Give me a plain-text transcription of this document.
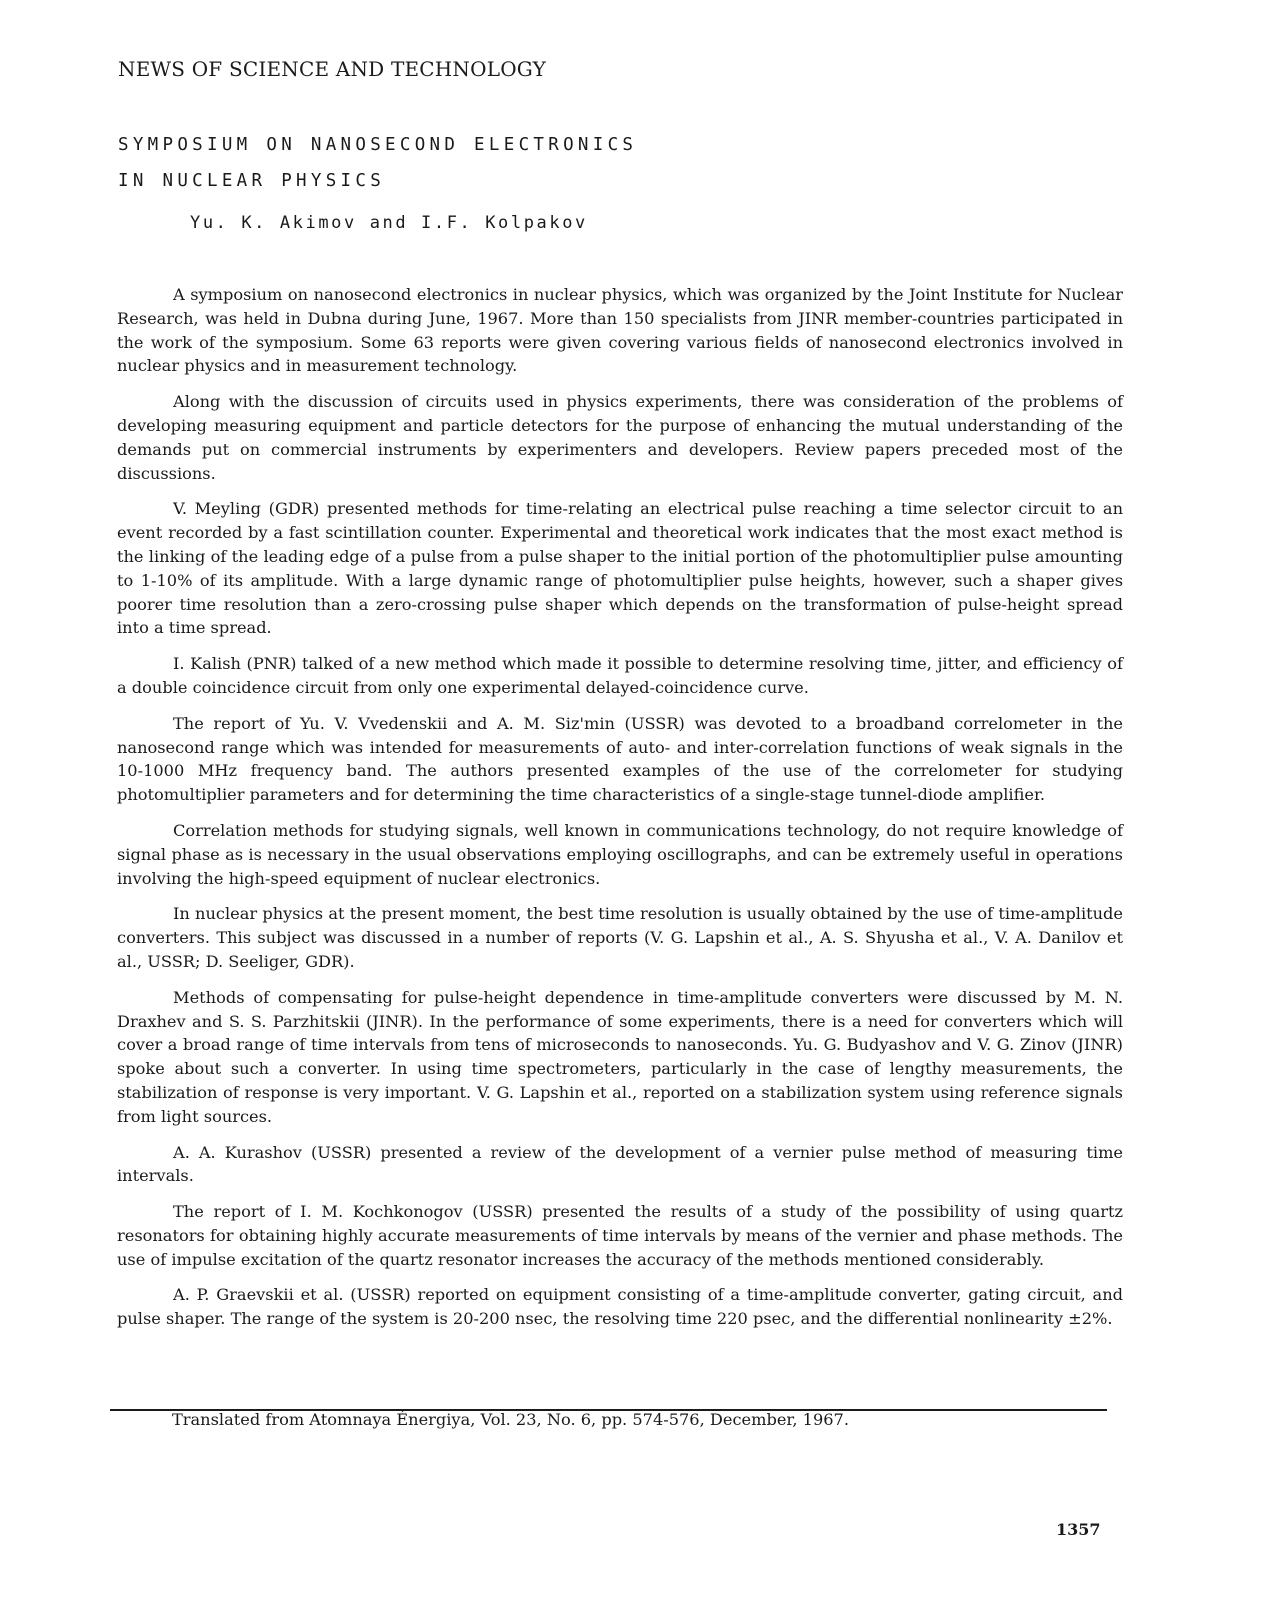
NEWS OF SCIENCE AND TECHNOLOGY
SYMPOSIUM ON NANOSECOND ELECTRONICS
IN NUCLEAR PHYSICS
Yu. K. Akimov and I.F. Kolpakov

A symposium on nanosecond electronics in nuclear physics, which was organized by the Joint Institute for Nuclear Research, was held in Dubna during June, 1967. More than 150 specialists from JINR member-countries participated in the work of the symposium. Some 63 reports were given covering various fields of nanosecond electronics involved in nuclear physics and in measurement technology.

Along with the discussion of circuits used in physics experiments, there was consideration of the problems of developing measuring equipment and particle detectors for the purpose of enhancing the mutual understanding of the demands put on commercial instruments by experimenters and developers. Review papers preceded most of the discussions.

V. Meyling (GDR) presented methods for time-relating an electrical pulse reaching a time selector circuit to an event recorded by a fast scintillation counter. Experimental and theoretical work indicates that the most exact method is the linking of the leading edge of a pulse from a pulse shaper to the initial portion of the photomultiplier pulse amounting to 1-10% of its amplitude. With a large dynamic range of photomultiplier pulse heights, however, such a shaper gives poorer time resolution than a zero-crossing pulse shaper which depends on the transformation of pulse-height spread into a time spread.

I. Kalish (PNR) talked of a new method which made it possible to determine resolving time, jitter, and efficiency of a double coincidence circuit from only one experimental delayed-coincidence curve.

The report of Yu. V. Vvedenskii and A. M. Siz'min (USSR) was devoted to a broadband correlometer in the nanosecond range which was intended for measurements of auto- and inter-correlation functions of weak signals in the 10-1000 MHz frequency band. The authors presented examples of the use of the correlometer for studying photomultiplier parameters and for determining the time characteristics of a single-stage tunnel-diode amplifier.

Correlation methods for studying signals, well known in communications technology, do not require knowledge of signal phase as is necessary in the usual observations employing oscillographs, and can be extremely useful in operations involving the high-speed equipment of nuclear electronics.

In nuclear physics at the present moment, the best time resolution is usually obtained by the use of time-amplitude converters. This subject was discussed in a number of reports (V. G. Lapshin et al., A. S. Shyusha et al., V. A. Danilov et al., USSR; D. Seeliger, GDR).

Methods of compensating for pulse-height dependence in time-amplitude converters were discussed by M. N. Draxhev and S. S. Parzhitskii (JINR). In the performance of some experiments, there is a need for converters which will cover a broad range of time intervals from tens of microseconds to nanoseconds. Yu. G. Budyashov and V. G. Zinov (JINR) spoke about such a converter. In using time spectrometers, particularly in the case of lengthy measurements, the stabilization of response is very important. V. G. Lapshin et al., reported on a stabilization system using reference signals from light sources.

A. A. Kurashov (USSR) presented a review of the development of a vernier pulse method of measuring time intervals.

The report of I. M. Kochkonogov (USSR) presented the results of a study of the possibility of using quartz resonators for obtaining highly accurate measurements of time intervals by means of the vernier and phase methods. The use of impulse excitation of the quartz resonator increases the accuracy of the methods mentioned considerably.

A. P. Graevskii et al. (USSR) reported on equipment consisting of a time-amplitude converter, gating circuit, and pulse shaper. The range of the system is 20-200 nsec, the resolving time 220 psec, and the differential nonlinearity ±2%.

Translated from Atomnaya Énergiya, Vol. 23, No. 6, pp. 574-576, December, 1967.
1357
